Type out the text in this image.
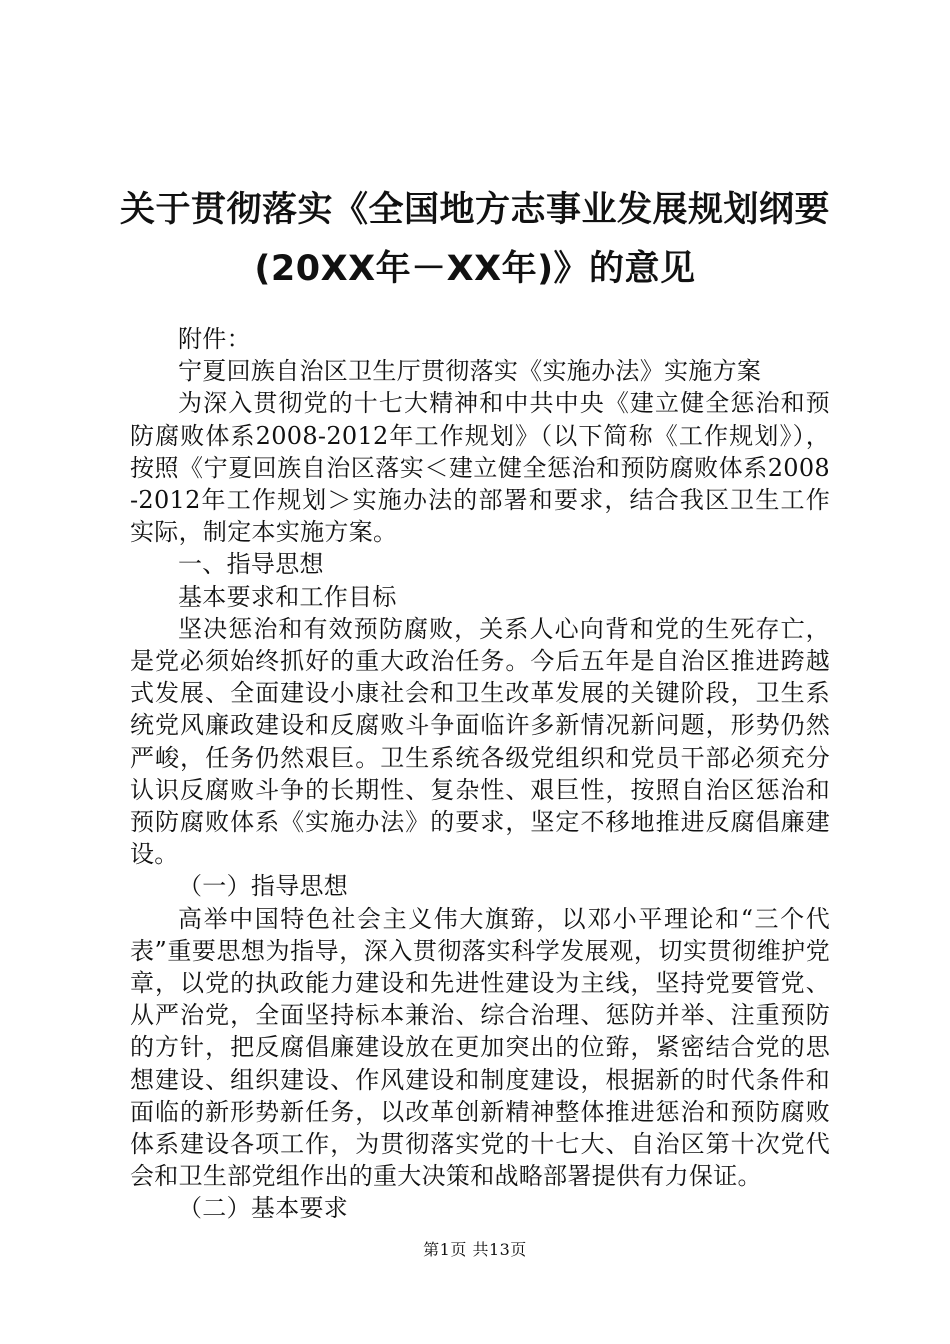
关于贯彻落实《全国地方志事业发展规划纲要
(20XX年－XX年)》的意见

附件：

宁夏回族自治区卫生厅贯彻落实《实施办法》实施方案

为深入贯彻党的十七大精神和中共中央《建立健全惩治和预防腐败体系2008-2012年工作规划》（以下简称《工作规划》），按照《宁夏回族自治区落实＜建立健全惩治和预防腐败体系2008-2012年工作规划＞实施办法的部署和要求，结合我区卫生工作实际，制定本实施方案。

一、指导思想

基本要求和工作目标

坚决惩治和有效预防腐败，关系人心向背和党的生死存亡，是党必须始终抓好的重大政治任务。今后五年是自治区推进跨越式发展、全面建设小康社会和卫生改革发展的关键阶段，卫生系统党风廉政建设和反腐败斗争面临许多新情况新问题，形势仍然严峻，任务仍然艰巨。卫生系统各级党组织和党员干部必须充分认识反腐败斗争的长期性、复杂性、艰巨性，按照自治区惩治和预防腐败体系《实施办法》的要求，坚定不移地推进反腐倡廉建设。

（一）指导思想

高举中国特色社会主义伟大旗臶，以邓小平理论和“三个代表”重要思想为指导，深入贯彻落实科学发展观，切实贯彻维护党章，以党的执政能力建设和先进性建设为主线，坚持党要管党、从严治党，全面坚持标本兼治、综合治理、惩防并举、注重预防的方针，把反腐倡廉建设放在更加突出的位臶，紧密结合党的思想建设、组织建设、作风建设和制度建设，根据新的时代条件和面临的新形势新任务，以改革创新精神整体推进惩治和预防腐败体系建设各项工作，为贯彻落实党的十七大、自治区第十次党代会和卫生部党组作出的重大决策和战略部署提供有力保证。

（二）基本要求

第1页 共13页
